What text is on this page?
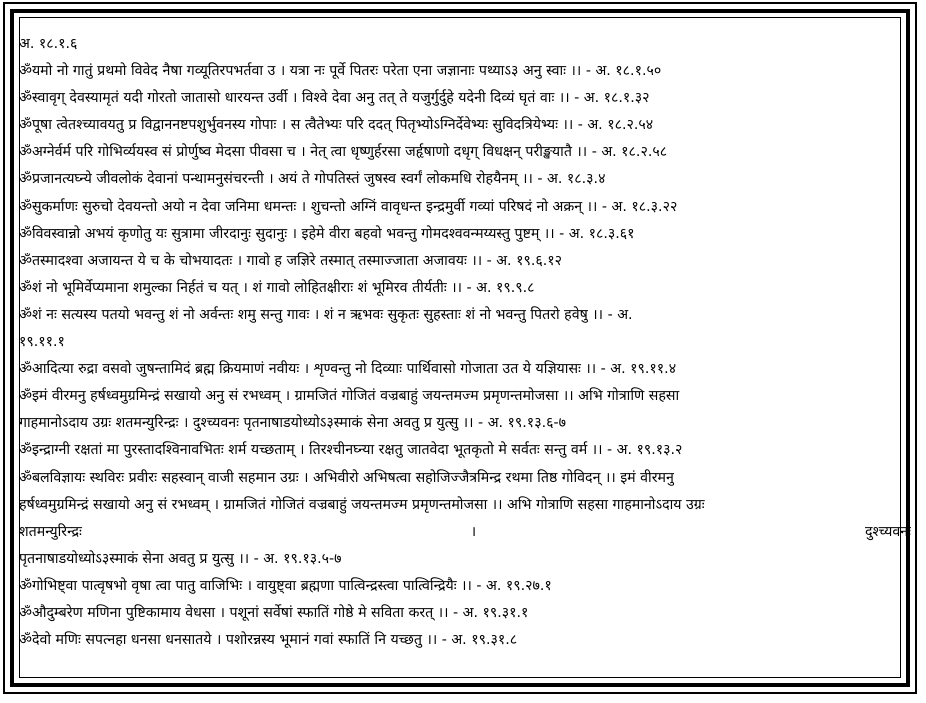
अ. १८.१.६
ॐयमो नो गातुं प्रथमो विवेद नैषा गव्यूतिरपभर्तवा उ । यत्रा नः पूर्वे पितरः परेता एना जज्ञानाः पथ्याऽ३ अनु स्वाः ।। - अ. १८.१.५०
ॐस्वावृग् देवस्यामृतं यदी गोरतो जातासो धारयन्त उर्वी । विश्वे देवा अनु तत् ते यजुर्गुर्दुहे यदेनी दिव्यं घृतं वाः ।। - अ. १८.१.३२
ॐपूषा त्वेतश्च्यावयतु प्र विद्वाननष्टपशुर्भुवनस्य गोपाः । स त्वैतेभ्यः परि ददत् पितृभ्योऽग्निर्देवेभ्यः सुविदत्रियेभ्यः ।। - अ. १८.२.५४
ॐअग्नेर्वर्म परि गोभिर्व्ययस्व सं प्रोर्णुष्व मेदसा पीवसा च । नेत् त्वा धृष्णुर्हरसा जर्हृषाणो दधृग् विधक्षन् परीङ्खयातै ।। - अ. १८.२.५८
ॐप्रजानत्यघ्न्ये जीवलोकं देवानां पन्थामनुसंचरन्ती । अयं ते गोपतिस्तं जुषस्व स्वर्गं लोकमधि रोहयैनम् ।। - अ. १८.३.४
ॐसुकर्माणः सुरुचो देवयन्तो अयो न देवा जनिमा धमन्तः । शुचन्तो अग्निं वावृधन्त इन्द्रमुर्वी गव्यां परिषदं नो अक्रन् ।। - अ. १८.३.२२
ॐविवस्वान्नो अभयं कृणोतु यः सुत्रामा जीरदानुः सुदानुः । इहेमे वीरा बहवो भवन्तु गोमदश्ववन्मय्यस्तु पुष्टम् ।। - अ. १८.३.६१
ॐतस्मादश्वा अजायन्त ये च के चोभयादतः । गावो ह जज्ञिरे तस्मात् तस्माज्जाता अजावयः ।। - अ. १९.६.१२
ॐशं नो भूमिर्वेप्यमाना शमुल्का निर्हतं च यत् । शं गावो लोहितक्षीराः शं भूमिरव तीर्यतीः ।। - अ. १९.९.८
ॐशं नः सत्यस्य पतयो भवन्तु शं नो अर्वन्तः शमु सन्तु गावः । शं न ऋभवः सुकृतः सुहस्ताः शं नो भवन्तु पितरो हवेषु ।। - अ.
१९.११.१
ॐआदित्या रुद्रा वसवो जुषन्तामिदं ब्रह्म क्रियमाणं नवीयः । शृण्वन्तु नो दिव्याः पार्थिवासो गोजाता उत ये यज्ञियासः ।। - अ. १९.११.४
ॐइमं वीरमनु हर्षध्वमुग्रमिन्द्रं सखायो अनु सं रभध्वम् । ग्रामजितं गोजितं वज्रबाहुं जयन्तमज्म प्रमृणन्तमोजसा ।। अभि गोत्राणि सहसा
गाहमानोऽदाय उग्रः शतमन्युरिन्द्रः । दुश्च्यवनः पृतनाषाडयोध्योऽ३स्माकं सेना अवतु प्र युत्सु ।। - अ. १९.१३.६-७
ॐइन्द्राग्नी रक्षतां मा पुरस्तादश्विनावभितः शर्म यच्छताम् । तिरश्चीनघ्न्या रक्षतु जातवेदा भूतकृतो मे सर्वतः सन्तु वर्म ।। - अ. १९.१३.२
ॐबलविज्ञायः स्थविरः प्रवीरः सहस्वान् वाजी सहमान उग्रः । अभिवीरो अभिषत्वा सहोजिज्जैत्रमिन्द्र रथमा तिष्ठ गोविदन् ।। इमं वीरमनु
हर्षध्वमुग्रमिन्द्रं सखायो अनु सं रभध्वम् । ग्रामजितं गोजितं वज्रबाहुं जयन्तमज्म प्रमृणन्तमोजसा ।। अभि गोत्राणि सहसा गाहमानोऽदाय उग्रः
शतमन्युरिन्द्रः	।	दुश्च्यवनः
पृतनाषाडयोध्योऽ३स्माकं सेना अवतु प्र युत्सु ।। - अ. १९.१३.५-७
ॐगोभिष्ट्वा पात्वृषभो वृषा त्वा पातु वाजिभिः । वायुष्ट्वा ब्रह्मणा पात्विन्द्रस्त्वा पात्विन्द्रियैः ।। - अ. १९.२७.१
ॐऔदुम्बरेण मणिना पुष्टिकामाय वेधसा । पशूनां सर्वेषां स्फातिं गोष्ठे मे सविता करत् ।। - अ. १९.३१.१
ॐदेवो मणिः सपत्नहा धनसा धनसातये । पशोरन्नस्य भूमानं गवां स्फातिं नि यच्छतु ।। - अ. १९.३१.८
